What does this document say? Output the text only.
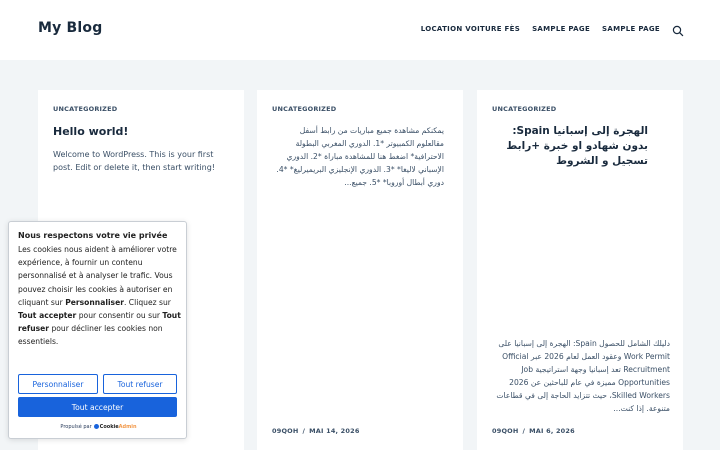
My Blog	LOCATION VOITURE FÈS SAMPLE PAGE SAMPLE PAGE
UNCATEGORIZED
Hello world!
Welcome to WordPress. This is your first post. Edit or delete it, then start writing!
UNCATEGORIZED
يمكنكم مشاهدة جميع مباريات من رابط أسفل مقالعلوم الكمبيوتر *1. الدوري المغربي البطولة الاحترافية* اضغط هنا للمشاهدة مباراة *2. الدوري الإسباني لاليغا* *3. الدوري الإنجليزي البريميرليغ* *4. دوري أبطال أوروبا* *5. جميع...
09QOH / MAI 14, 2026
UNCATEGORIZED
الهجرة إلى إسبانيا Spain: بدون شهادو او خبرة +رابط تسجيل و الشروط
دليلك الشامل للحصول Spain: الهجرة إلى إسبانيا على Work Permit وعقود العمل لعام 2026 عبر Official Recruitment تعد إسبانيا وجهة استراتيجية Job Opportunities مميزة في عام للباحثين عن 2026 Skilled Workers، حيث تتزايد الحاجة إلى في قطاعات متنوعة. إذا كنت...
09QOH / MAI 6, 2026
Nous respectons votre vie privée
Les cookies nous aident à améliorer votre expérience, à fournir un contenu personnalisé et à analyser le trafic. Vous pouvez choisir les cookies à autoriser en cliquant sur Personnaliser. Cliquez sur Tout accepter pour consentir ou sur Tout refuser pour décliner les cookies non essentiels.
Personnaliser	Tout refuser
Tout accepter
Propulsé par	CookieAdmin
